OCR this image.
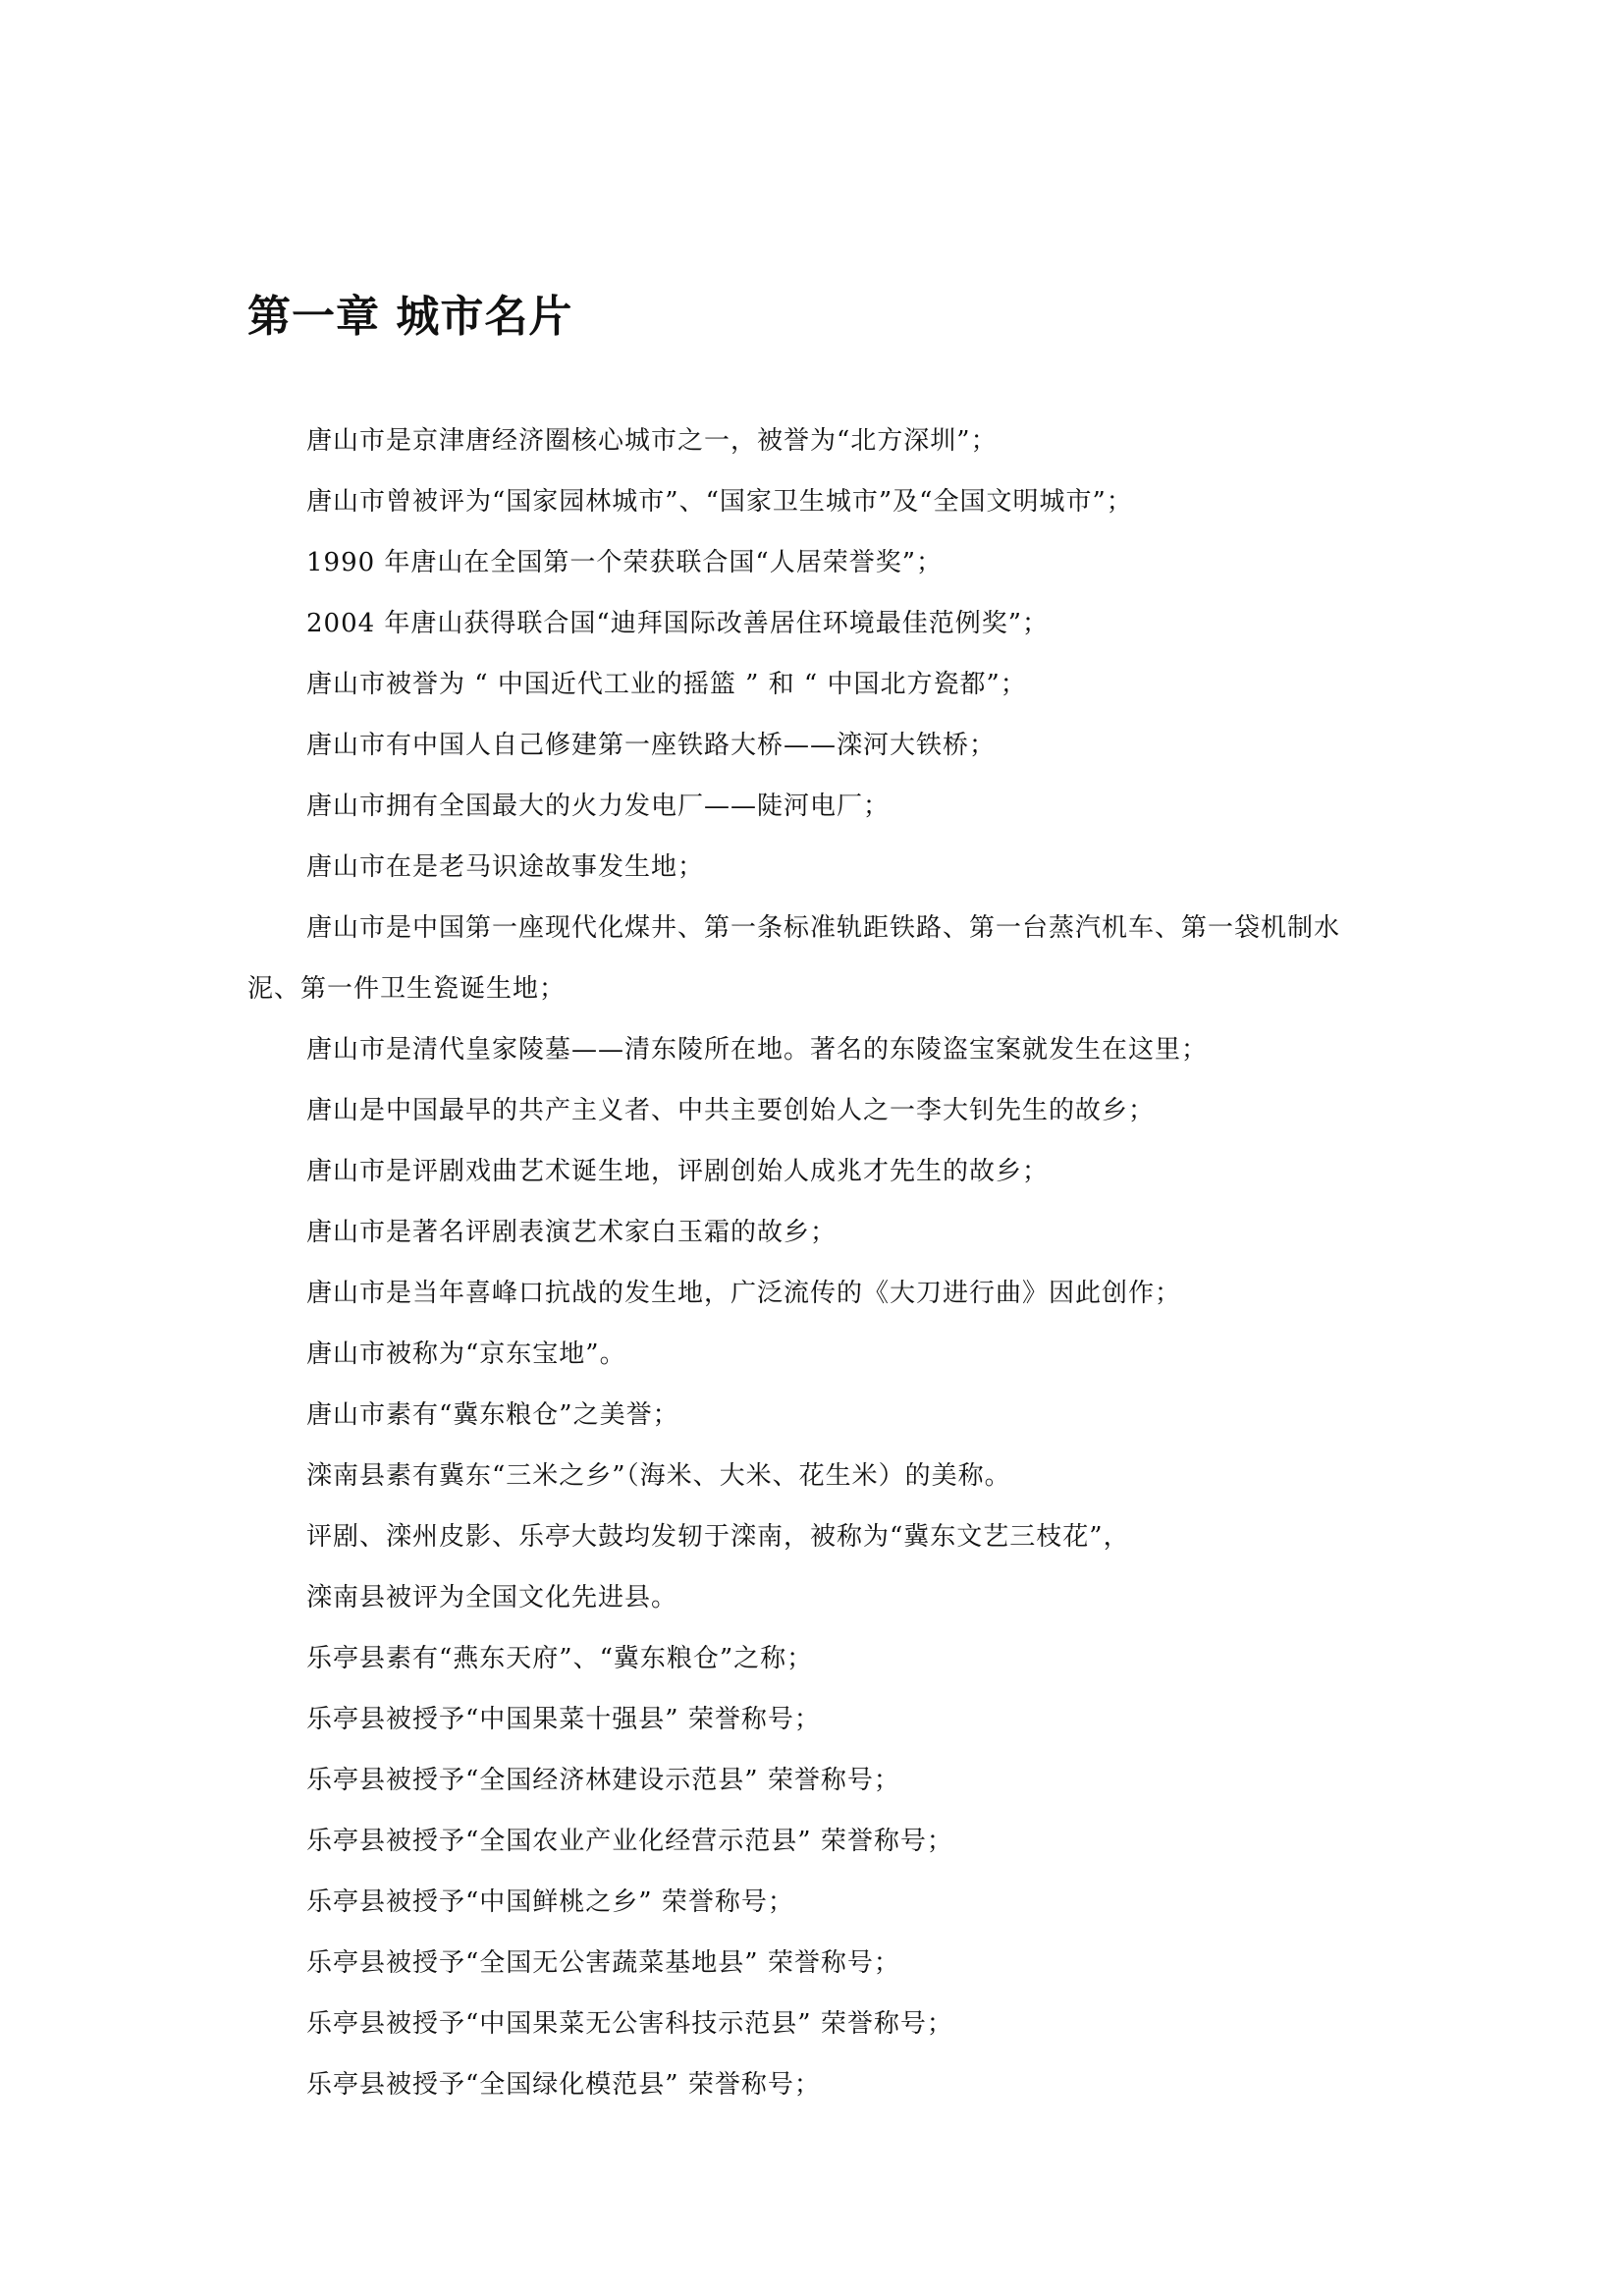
第一章 城市名片

唐山市是京津唐经济圈核心城市之一，被誉为“北方深圳”；

唐山市曾被评为“国家园林城市”、“国家卫生城市”及“全国文明城市”；

1990 年唐山在全国第一个荣获联合国“人居荣誉奖”；

2004 年唐山获得联合国“迪拜国际改善居住环境最佳范例奖”；

唐山市被誉为 “ 中国近代工业的摇篮 ” 和 “ 中国北方瓷都”；

唐山市有中国人自己修建第一座铁路大桥——滦河大铁桥；

唐山市拥有全国最大的火力发电厂——陡河电厂；

唐山市在是老马识途故事发生地；

唐山市是中国第一座现代化煤井、第一条标准轨距铁路、第一台蒸汽机车、第一袋机制水泥、第一件卫生瓷诞生地；

唐山市是清代皇家陵墓——清东陵所在地。著名的东陵盗宝案就发生在这里；

唐山是中国最早的共产主义者、中共主要创始人之一李大钊先生的故乡；

唐山市是评剧戏曲艺术诞生地，评剧创始人成兆才先生的故乡；

唐山市是著名评剧表演艺术家白玉霜的故乡；

唐山市是当年喜峰口抗战的发生地，广泛流传的《大刀进行曲》因此创作；

唐山市被称为“京东宝地”。

唐山市素有“冀东粮仓”之美誉；

滦南县素有冀东“三米之乡”（海米、大米、花生米）的美称。

评剧、滦州皮影、乐亭大鼓均发轫于滦南，被称为“冀东文艺三枝花”，

滦南县被评为全国文化先进县。

乐亭县素有“燕东天府”、“冀东粮仓”之称；

乐亭县被授予“中国果菜十强县” 荣誉称号；

乐亭县被授予“全国经济林建设示范县” 荣誉称号；

乐亭县被授予“全国农业产业化经营示范县” 荣誉称号；

乐亭县被授予“中国鲜桃之乡” 荣誉称号；

乐亭县被授予“全国无公害蔬菜基地县” 荣誉称号；

乐亭县被授予“中国果菜无公害科技示范县” 荣誉称号；

乐亭县被授予“全国绿化模范县” 荣誉称号；
